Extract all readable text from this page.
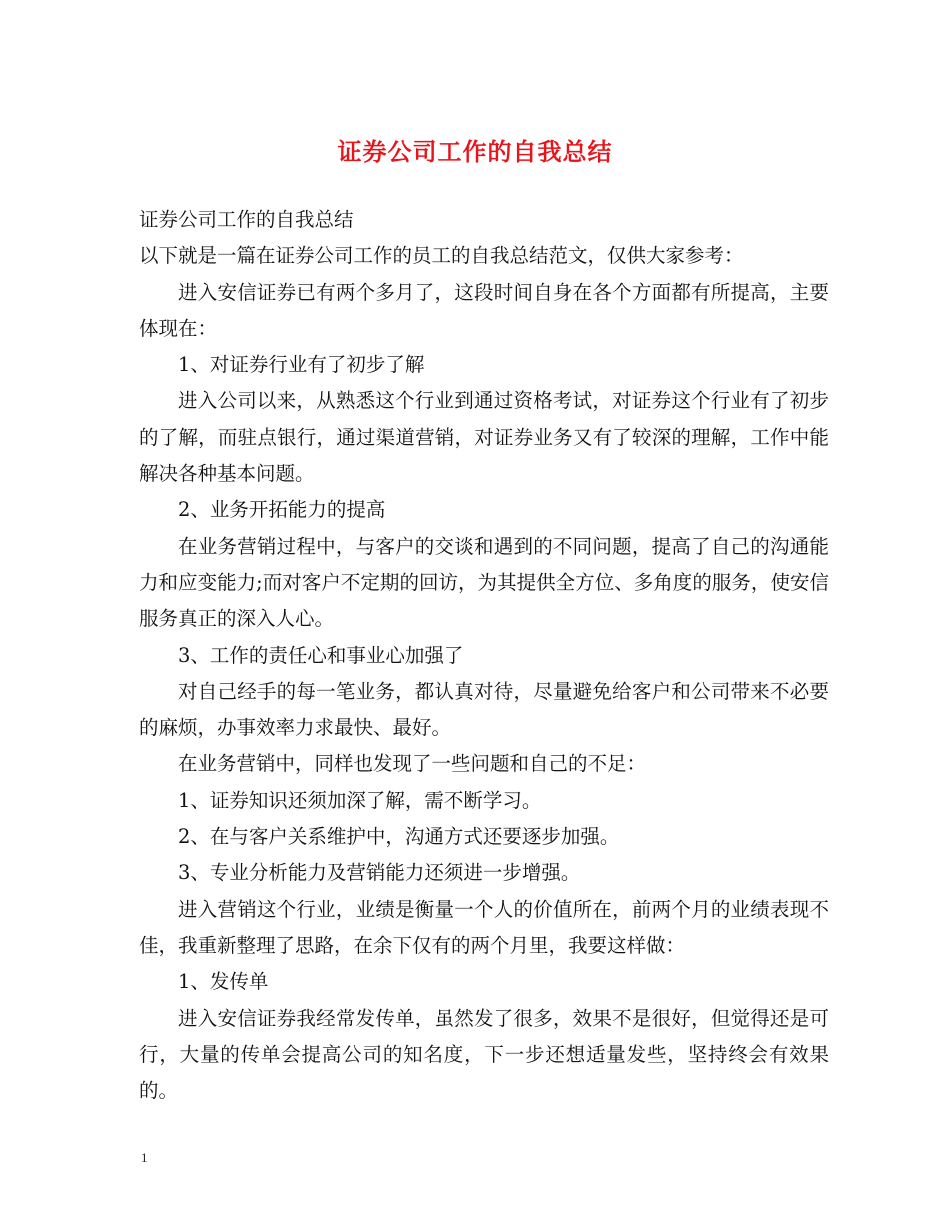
证券公司工作的自我总结

证券公司工作的自我总结

以下就是一篇在证券公司工作的员工的自我总结范文，仅供大家参考：

进入安信证券已有两个多月了，这段时间自身在各个方面都有所提高，主要体现在：

1、对证券行业有了初步了解

进入公司以来，从熟悉这个行业到通过资格考试，对证券这个行业有了初步的了解，而驻点银行，通过渠道营销，对证券业务又有了较深的理解，工作中能解决各种基本问题。

2、业务开拓能力的提高

在业务营销过程中，与客户的交谈和遇到的不同问题，提高了自己的沟通能力和应变能力;而对客户不定期的回访，为其提供全方位、多角度的服务，使安信服务真正的深入人心。

3、工作的责任心和事业心加强了

对自己经手的每一笔业务，都认真对待，尽量避免给客户和公司带来不必要的麻烦，办事效率力求最快、最好。

在业务营销中，同样也发现了一些问题和自己的不足：

1、证券知识还须加深了解，需不断学习。

2、在与客户关系维护中，沟通方式还要逐步加强。

3、专业分析能力及营销能力还须进一步增强。

进入营销这个行业，业绩是衡量一个人的价值所在，前两个月的业绩表现不佳，我重新整理了思路，在余下仅有的两个月里，我要这样做：

1、发传单

进入安信证券我经常发传单，虽然发了很多，效果不是很好，但觉得还是可行，大量的传单会提高公司的知名度，下一步还想适量发些，坚持终会有效果的。

1
